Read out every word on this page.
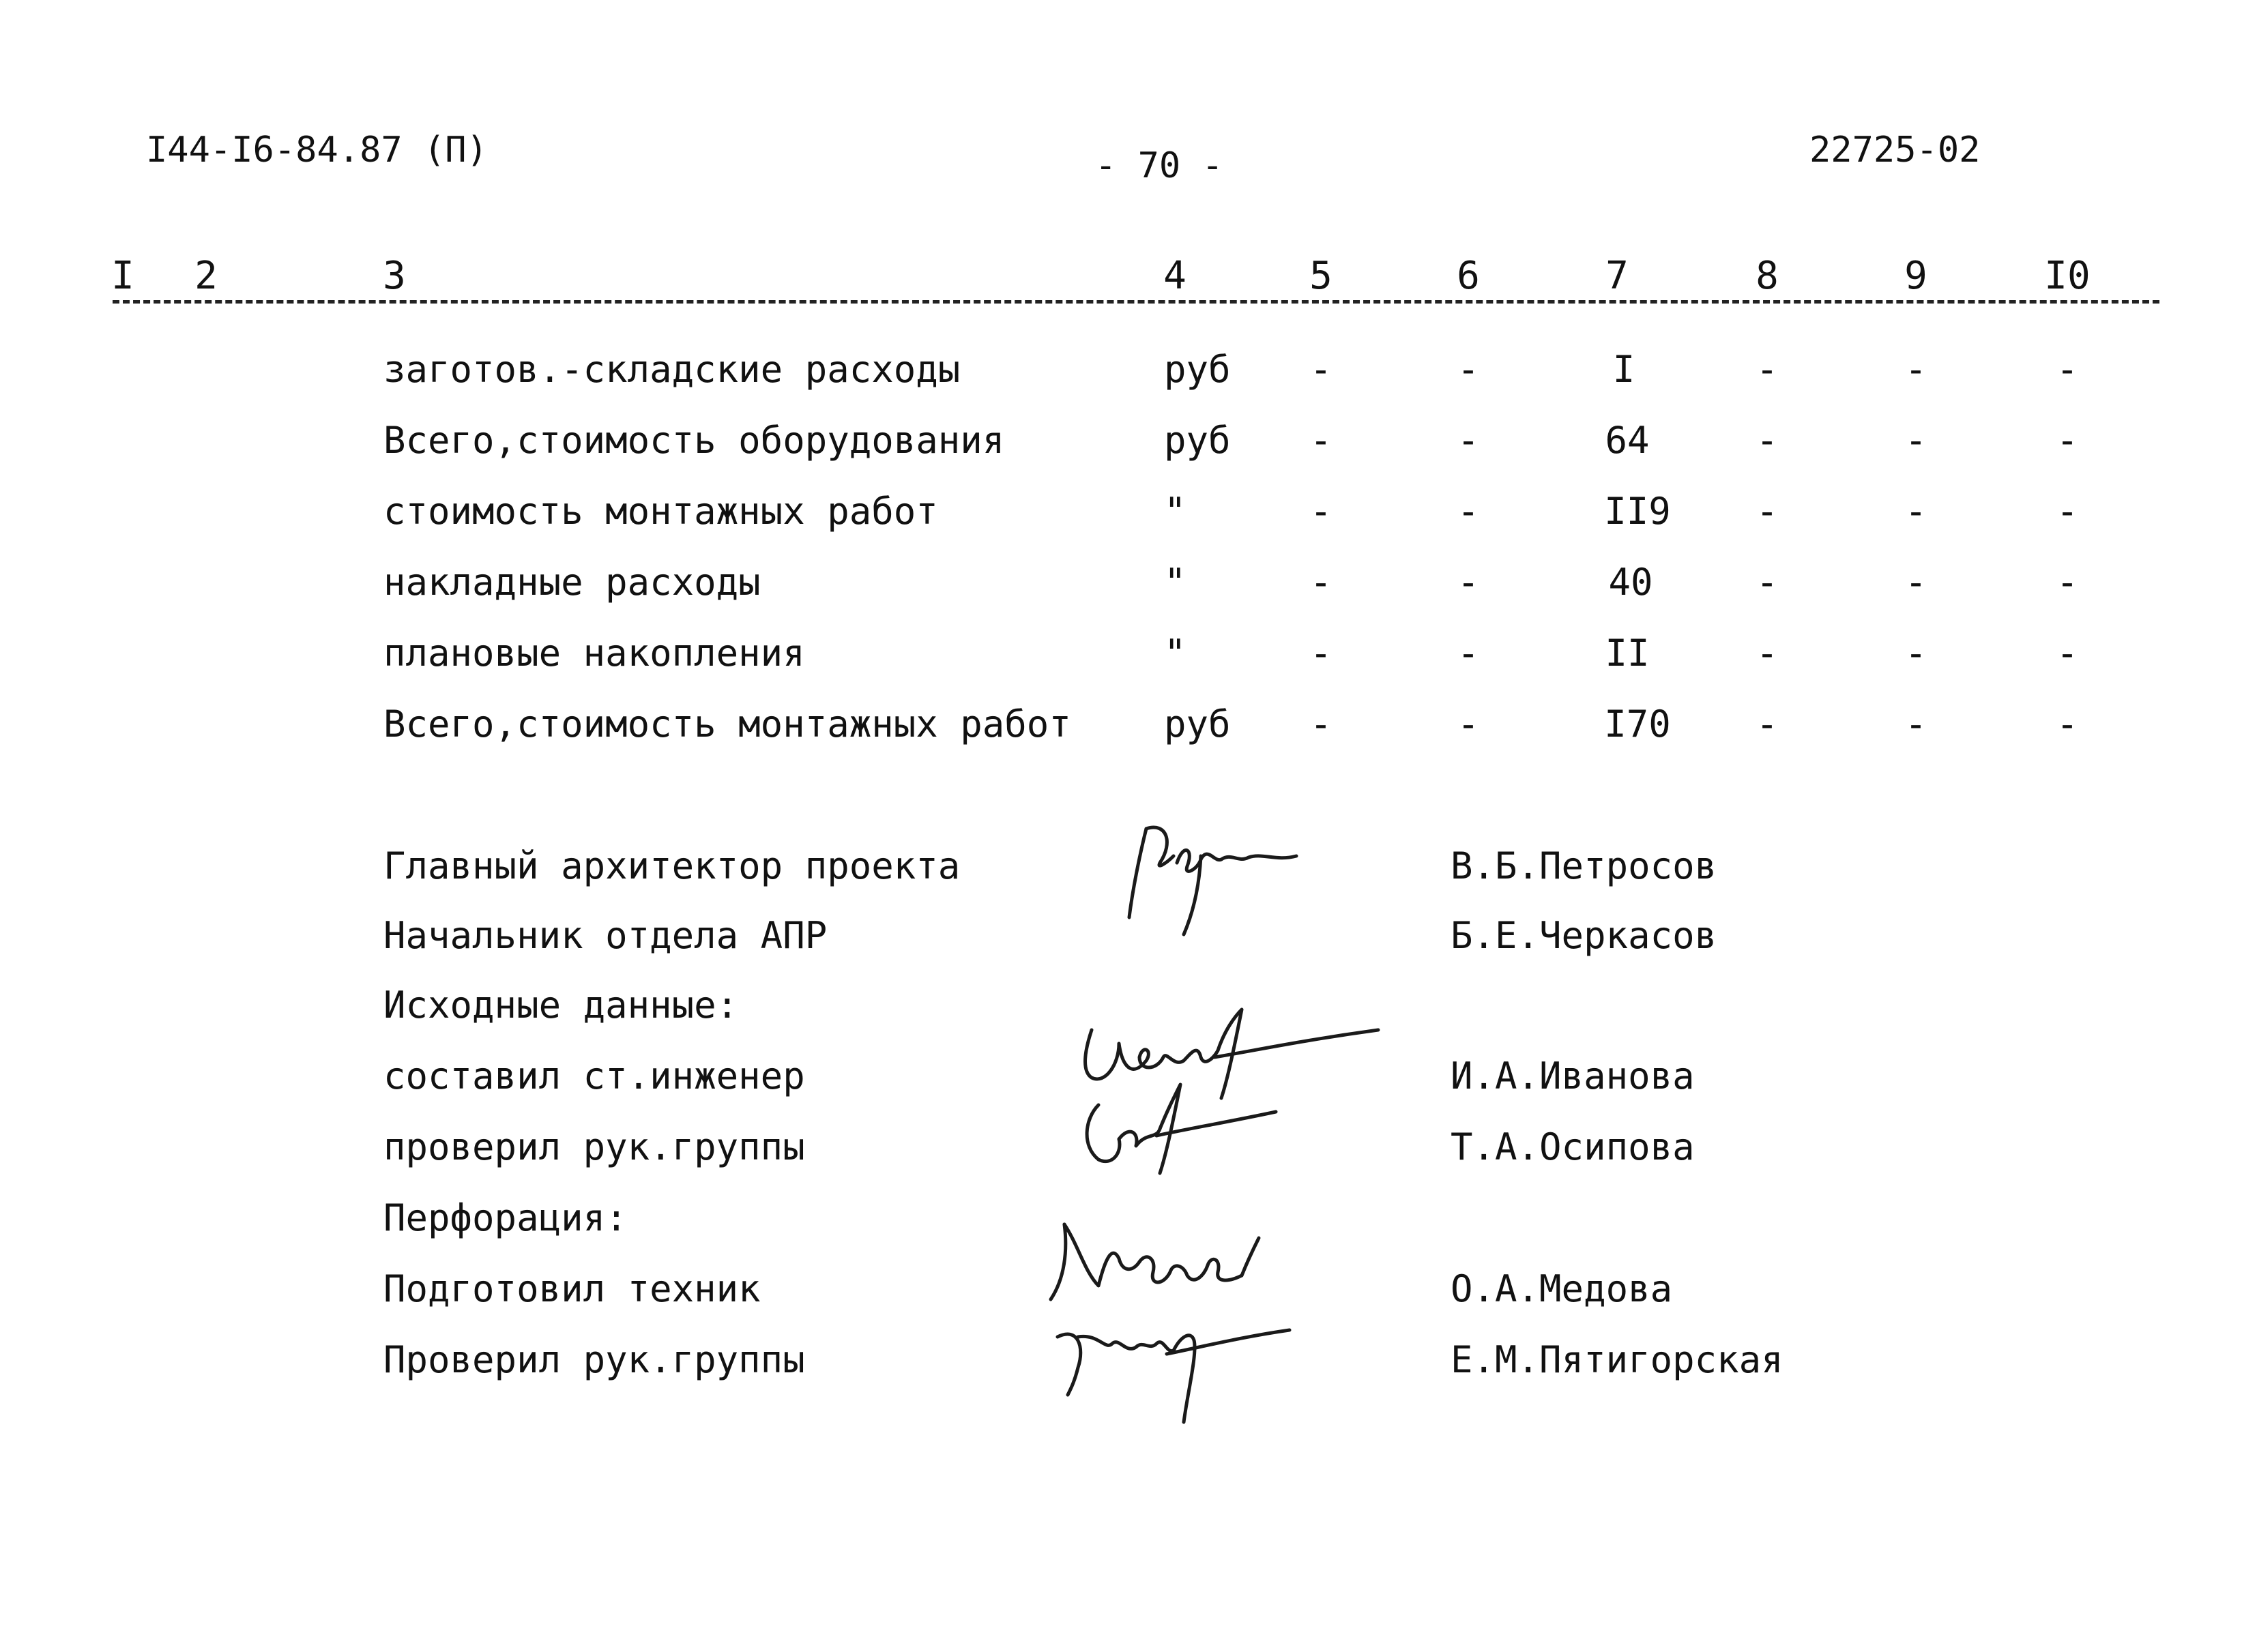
I44-I6-84.87 (П)	- 70 -	22725-02
I 2	3	4	5	6	7	8	9	I0
заготов.-складские расходы	руб -	-	I	-	-	-
Всего,стоимость оборудования	руб -	-	64	-	-	-
стоимость монтажных работ	"	-	-	II9 -	-	-
накладные расходы	"	-	-	40	-	-	-
плановые накопления	"	-	-	II	-	-	-
Всего,стоимость монтажных работ	руб -	-	I70 -	-	-
Главный архитектор проекта	В.Б.Петросов
Начальник отдела АПР	Б.Е.Черкасов
Исходные данные:
составил ст.инженер	И.А.Иванова
проверил рук.группы	Т.А.Осипова
Перфорация:
Подготовил техник	О.А.Медова
Проверил рук.группы	Е.М.Пятигорская
